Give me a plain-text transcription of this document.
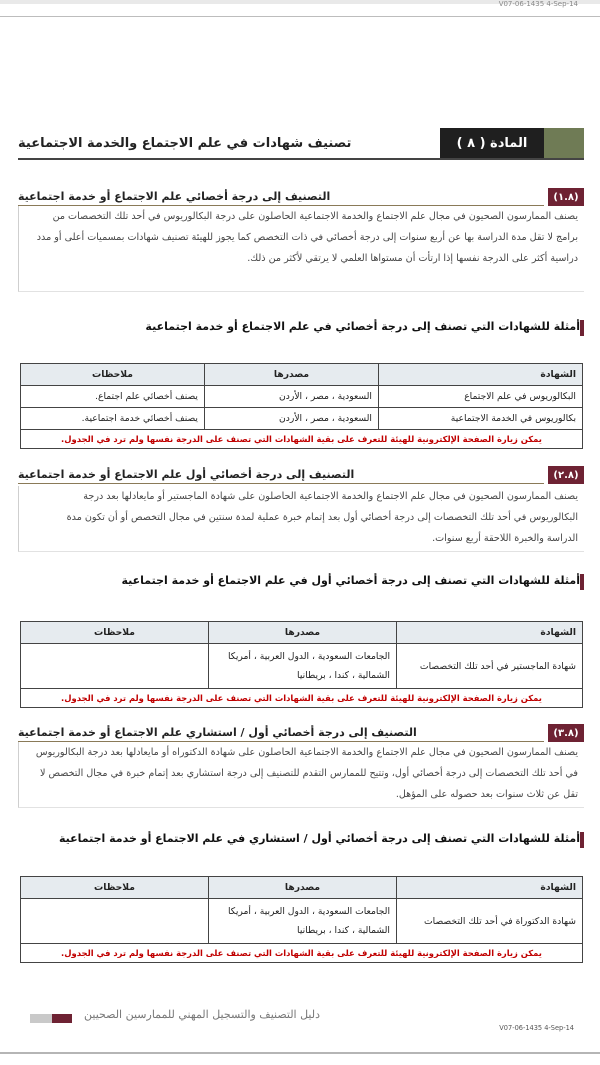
V07-06-1435 4-Sep-14
المادة ( ٨ )
تصنيف شهادات في علم الاجتماع والخدمة الاجتماعية
(١.٨)
التصنيف إلى درجة أخصائي علم الاجتماع أو خدمة اجتماعية
يصنف الممارسون الصحيون في مجال علم الاجتماع والخدمة الاجتماعية الحاصلون على درجة البكالوريوس في أحد تلك التخصصات من برامج لا تقل مدة الدراسة بها عن أربع سنوات إلى درجة أخصائي في ذات التخصص كما يجوز للهيئة تصنيف شهادات بمسميات أعلى أو مدد دراسية أكثر على الدرجة نفسها إذا ارتأت أن مستواها العلمي لا يرتقي لأكثر من ذلك.
أمثلة للشهادات التي تصنف إلى درجة أخصائي في علم الاجتماع أو خدمة اجتماعية
الشهادة	مصدرها	ملاحظات
البكالوريوس في علم الاجتماع	السعودية ، مصر ، الأردن	يصنف أخصائي علم اجتماع.
بكالوريوس في الخدمة الاجتماعية	السعودية ، مصر ، الأردن	يصنف أخصائي خدمة اجتماعية.
يمكن زيارة الصفحة الإلكترونية للهيئة للتعرف على بقية الشهادات التي تصنف على الدرجة نفسها ولم ترد في الجدول.		
(٢.٨)
التصنيف إلى درجة أخصائي أول علم الاجتماع أو خدمة اجتماعية
يصنف الممارسون الصحيون في مجال علم الاجتماع والخدمة الاجتماعية الحاصلون على شهادة الماجستير أو مايعادلها بعد درجة البكالوريوس في أحد تلك التخصصات إلى درجة أخصائي أول بعد إتمام خبرة عملية لمدة سنتين في مجال التخصص أو أن تكون مدة الدراسة والخبرة اللاحقة أربع سنوات.
أمثلة للشهادات التي تصنف إلى درجة أخصائي أول في علم الاجتماع أو خدمة اجتماعية
الشهادة	مصدرها	ملاحظات
شهادة الماجستير في أحد تلك التخصصات	الجامعات السعودية ، الدول العربية ، أمريكا الشمالية ، كندا ، بريطانيا	
يمكن زيارة الصفحة الإلكترونية للهيئة للتعرف على بقية الشهادات التي تصنف على الدرجة نفسها ولم ترد في الجدول.		
(٣.٨)
التصنيف إلى درجة أخصائي أول / استشاري علم الاجتماع أو خدمة اجتماعية
يصنف الممارسون الصحيون في مجال علم الاجتماع والخدمة الاجتماعية الحاصلون على شهادة الدكتوراه أو مايعادلها بعد درجة البكالوريوس في أحد تلك التخصصات إلى درجة أخصائي أول، وتتيح للممارس التقدم للتصنيف إلى درجة استشاري بعد إتمام خبرة في مجال التخصص لا تقل عن ثلاث سنوات بعد حصوله على المؤهل.
أمثلة للشهادات التي تصنف إلى درجة أخصائي أول / استشاري في علم الاجتماع أو خدمة اجتماعية
الشهادة	مصدرها	ملاحظات
شهادة الدكتوراة في أحد تلك التخصصات	الجامعات السعودية ، الدول العربية ، أمريكا الشمالية ، كندا ، بريطانيا	
يمكن زيارة الصفحة الإلكترونية للهيئة للتعرف على بقية الشهادات التي تصنف على الدرجة نفسها ولم ترد في الجدول.		
دليل التصنيف والتسجيل المهني للممارسين الصحيين
V07-06-1435 4-Sep-14
